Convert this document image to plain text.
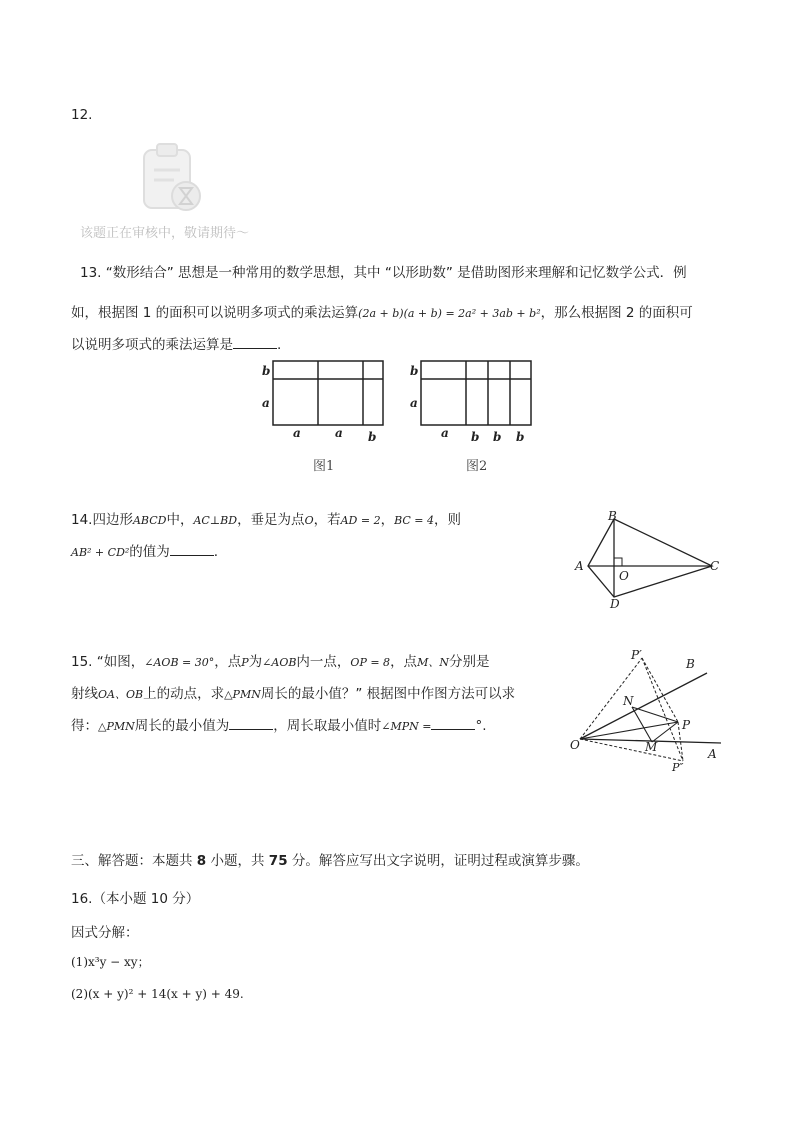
12.
该题正在审核中，敬请期待～
13. “数形结合” 思想是一种常用的数学思想，其中 “以形助数” 是借助图形来理解和记忆数学公式．例
如，根据图 1 的面积可以说明多项式的乘法运算(2a + b)(a + b) = 2a² + 3ab + b²，那么根据图 2 的面积可
以说明多项式的乘法运算是	.
b
a
a	a b
图1
b
a
a b b b
图2
14.四边形ABCD中，AC⊥BD，垂足为点O，若AD = 2，BC = 4，则
AB² + CD²的值为	.
A
B
C
D
O
15. “如图，∠AOB = 30°，点P为∠AOB内一点，OP = 8，点M、N分别是
射线OA、OB上的动点，求△PMN周长的最小值？” 根据图中作图方法可以求
得：△PMN周长的最小值为	，周长取最小值时∠MPN =	°.
P′
B
N
P
O	M	A
P″
三、解答题：本题共 8 小题，共 75 分。解答应写出文字说明，证明过程或演算步骤。
16.（本小题 10 分）
因式分解：
(1)x³y − xy；
(2)(x + y)² + 14(x + y) + 49.
